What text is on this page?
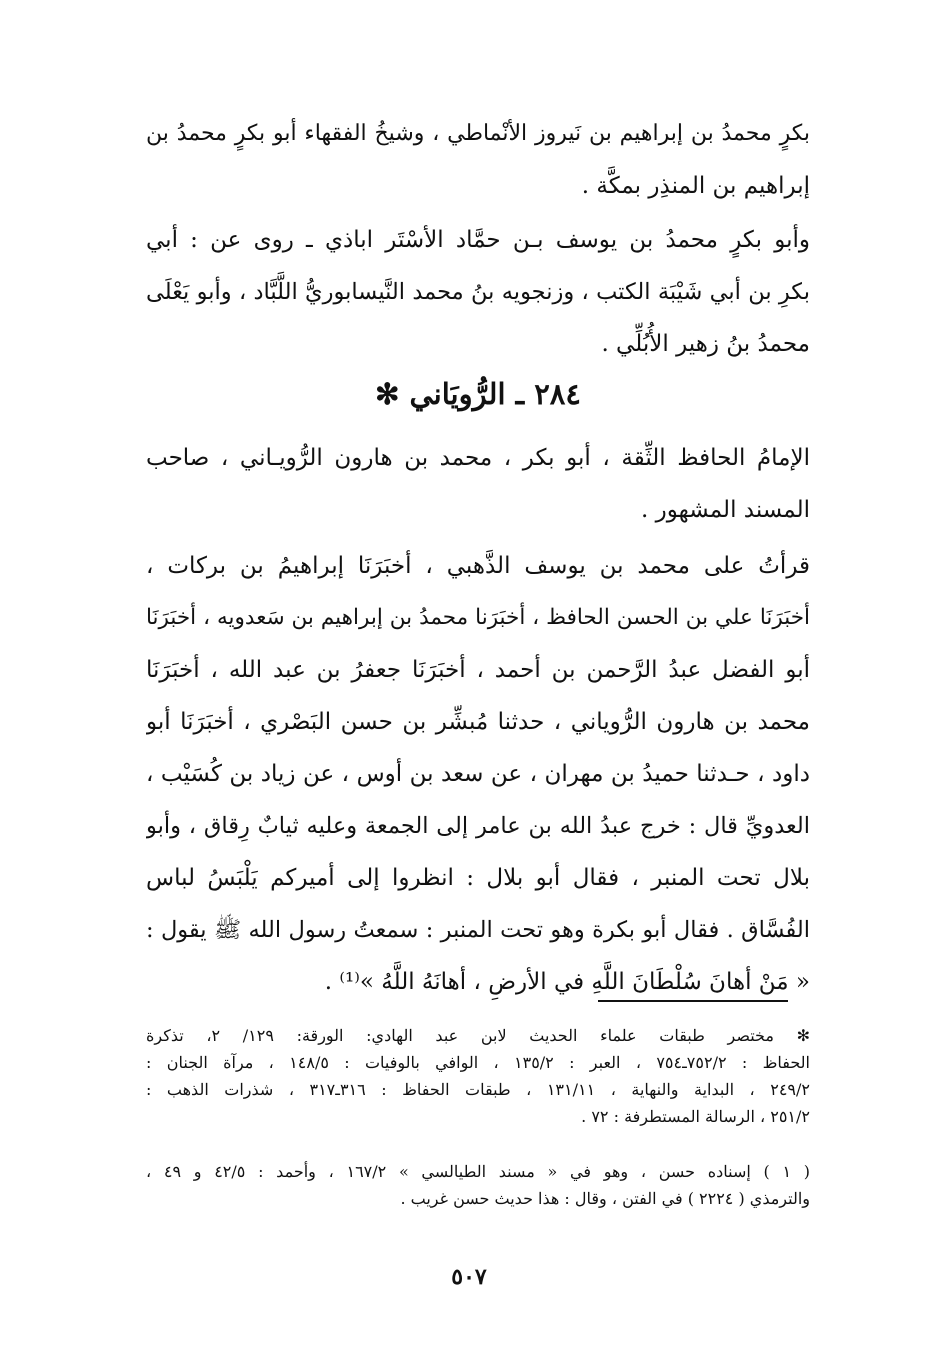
بكرٍ محمدُ بن إبراهيم بن نَيروز الأنْماطي ، وشيخُ الفقهاء أبو بكرٍ محمدُ بن
إبراهيم بن المنذِر بمكَّة .
وأبو بكرٍ محمدُ بن يوسف بـن حمَّاد الأسْتَر اباذي ـ روى عن : أبي
بكرِ بن أبي شَيْبَة الكتب ، وزنجويه بنُ محمد النَّيسابوريُّ اللَّبَّاد ، وأبو يَعْلَى
محمدُ بنُ زهير الأُبُلِّي .
٢٨٤ ـ الرُّويَاني ✻
الإمامُ الحافظ الثِّقة ، أبو بكر ، محمد بن هارون الرُّويـاني ، صاحب
المسند المشهور .
قرأتُ على محمد بن يوسف الذَّهبي ، أخبَرَنَا إبراهيمُ بن بركات ،
أخبَرَنَا علي بن الحسن الحافظ ، أخبَرَنا محمدُ بن إبراهيم بن سَعدويه ، أخبَرَنَا
أبو الفضل عبدُ الرَّحمن بن أحمد ، أخبَرَنَا جعفرُ بن عبد الله ، أخبَرَنَا
محمد بن هارون الرُّوياني ، حدثنا مُبشِّر بن حسن البَصْري ، أخبَرَنَا أبو
داود ، حـدثنا حميدُ بن مهران ، عن سعد بن أوس ، عن زياد بن كُسَيْب ،
العدويِّ قال : خرج عبدُ الله بن عامر إلى الجمعة وعليه ثيابٌ رِقاق ، وأبو
بلال تحت المنبر ، فقال أبو بلال : انظروا إلى أميركم يَلْبَسُ لباس
الفُسَّاق . فقال أبو بكرة وهو تحت المنبر : سمعتُ رسول الله ﷺ يقول :
« مَنْ أهانَ سُلْطَانَ اللَّهِ في الأرضِ ، أهانَهُ اللَّهُ »⁽¹⁾ .
✻ مختصر طبقات علماء الحديث لابن عبد الهادي: الورقة: ١٢٩/ ٢، تذكرة
الحفاظ : ٧٥٢/٢ـ٧٥٤ ، العبر : ١٣٥/٢ ، الوافي بالوفيات : ١٤٨/٥ ، مرآة الجنان :
٢٤٩/٢ ، البداية والنهاية ، ١٣١/١١ ، طبقات الحفاظ : ٣١٦ـ٣١٧ ، شذرات الذهب :
٢٥١/٢ ، الرسالة المستطرفة : ٧٢ .
( ١ ) إسناده حسن ، وهو في « مسند الطيالسي » ١٦٧/٢ ، وأحمد : ٤٢/٥ و ٤٩ ،
والترمذي ( ٢٢٢٤ ) في الفتن ، وقال : هذا حديث حسن غريب .
٥٠٧
